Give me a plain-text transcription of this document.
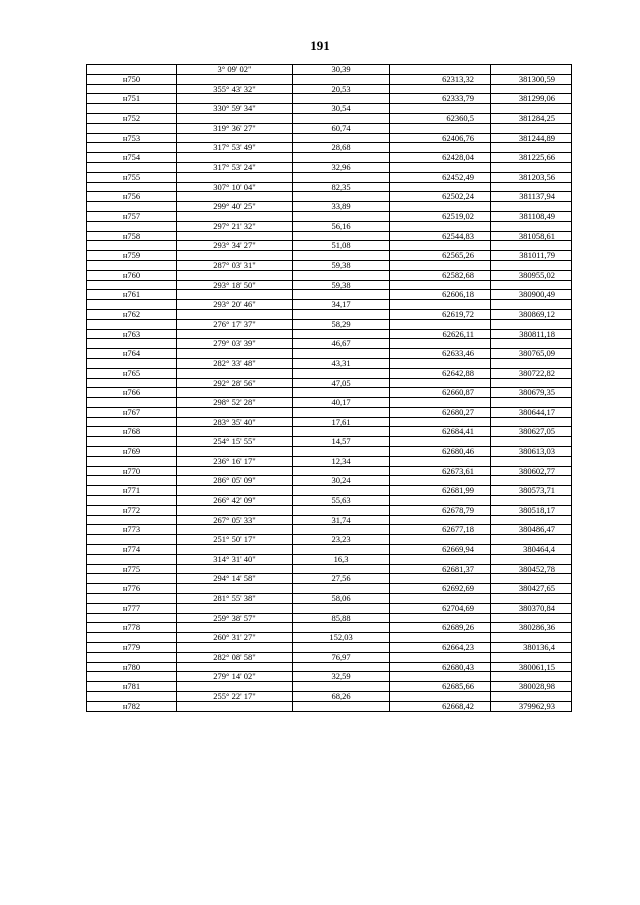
191
	3° 09' 02"	30,39		
н750			62313,32	381300,59
	355° 43' 32"	20,53		
н751			62333,79	381299,06
	330° 59' 34"	30,54		
н752			62360,5	381284,25
	319° 36' 27"	60,74		
н753			62406,76	381244,89
	317° 53' 49"	28,68		
н754			62428,04	381225,66
	317° 53' 24"	32,96		
н755			62452,49	381203,56
	307° 10' 04"	82,35		
н756			62502,24	381137,94
	299° 40' 25"	33,89		
н757			62519,02	381108,49
	297° 21' 32"	56,16		
н758			62544,83	381058,61
	293° 34' 27"	51,08		
н759			62565,26	381011,79
	287° 03' 31"	59,38		
н760			62582,68	380955,02
	293° 18' 50"	59,38		
н761			62606,18	380900,49
	293° 20' 46"	34,17		
н762			62619,72	380869,12
	276° 17' 37"	58,29		
н763			62626,11	380811,18
	279° 03' 39"	46,67		
н764			62633,46	380765,09
	282° 33' 48"	43,31		
н765			62642,88	380722,82
	292° 28' 56"	47,05		
н766			62660,87	380679,35
	298° 52' 28"	40,17		
н767			62680,27	380644,17
	283° 35' 40"	17,61		
н768			62684,41	380627,05
	254° 15' 55"	14,57		
н769			62680,46	380613,03
	236° 16' 17"	12,34		
н770			62673,61	380602,77
	286° 05' 09"	30,24		
н771			62681,99	380573,71
	266° 42' 09"	55,63		
н772			62678,79	380518,17
	267° 05' 33"	31,74		
н773			62677,18	380486,47
	251° 50' 17"	23,23		
н774			62669,94	380464,4
	314° 31' 40"	16,3		
н775			62681,37	380452,78
	294° 14' 58"	27,56		
н776			62692,69	380427,65
	281° 55' 38"	58,06		
н777			62704,69	380370,84
	259° 38' 57"	85,88		
н778			62689,26	380286,36
	260° 31' 27"	152,03		
н779			62664,23	380136,4
	282° 08' 58"	76,97		
н780			62680,43	380061,15
	279° 14' 02"	32,59		
н781			62685,66	380028,98
	255° 22' 17"	68,26		
н782			62668,42	379962,93
